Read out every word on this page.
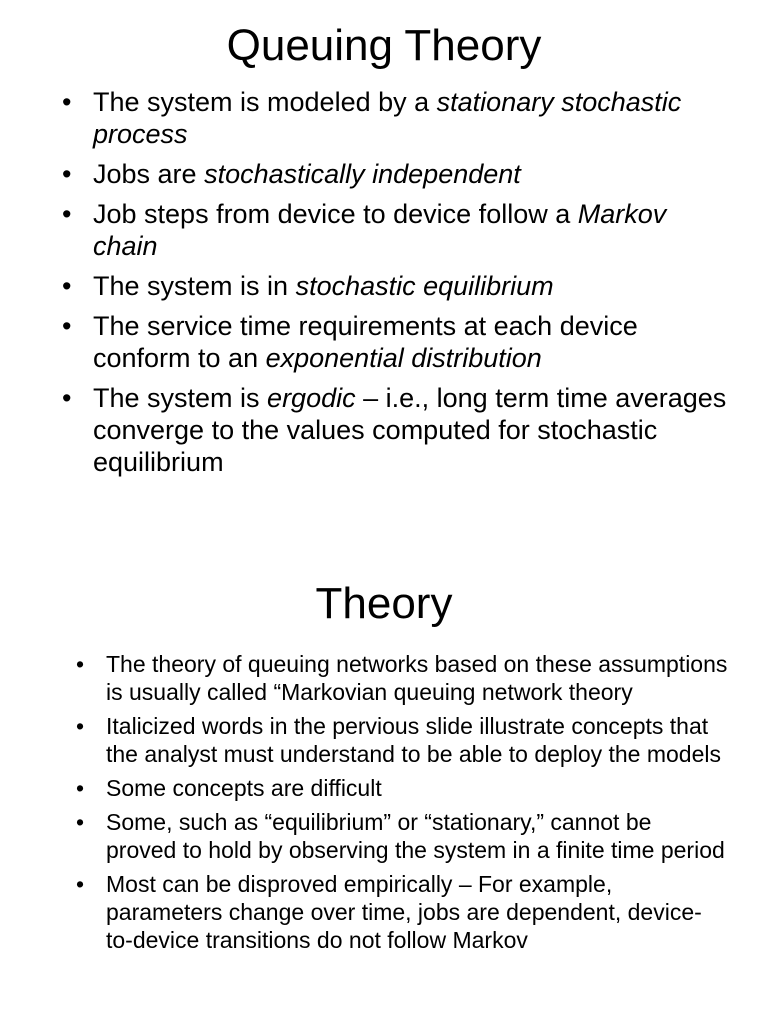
Queuing Theory
• The system is modeled by a stationary stochastic process
• Jobs are stochastically independent
• Job steps from device to device follow a Markov chain
• The system is in stochastic equilibrium
• The service time requirements at each device conform to an exponential distribution
• The system is ergodic – i.e., long term time averages converge to the values computed for stochastic equilibrium
Theory
• The theory of queuing networks based on these assumptions is usually called “Markovian queuing network theory
• Italicized words in the pervious slide illustrate concepts that the analyst must understand to be able to deploy the models
• Some concepts are difficult
• Some, such as “equilibrium” or “stationary,” cannot be proved to hold by observing the system in a finite time period
• Most can be disproved empirically – For example, parameters change over time, jobs are dependent, device-to-device transitions do not follow Markov
